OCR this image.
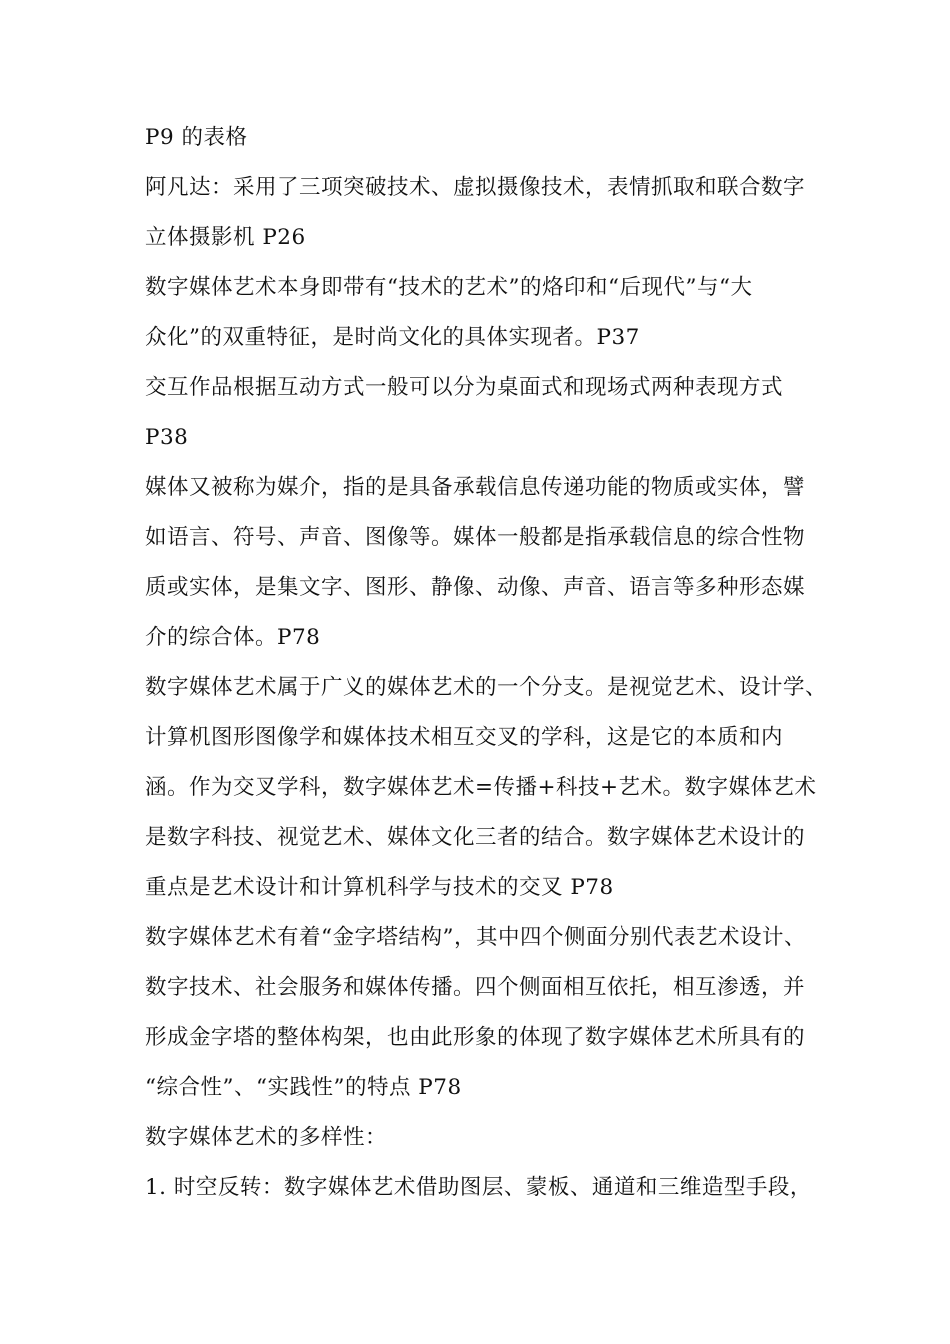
P9 的表格

阿凡达：采用了三项突破技术、虚拟摄像技术，表情抓取和联合数字
立体摄影机 P26

数字媒体艺术本身即带有“技术的艺术”的烙印和“后现代”与“大
众化”的双重特征，是时尚文化的具体实现者。P37

交互作品根据互动方式一般可以分为桌面式和现场式两种表现方式
P38

媒体又被称为媒介，指的是具备承载信息传递功能的物质或实体，譬
如语言、符号、声音、图像等。媒体一般都是指承载信息的综合性物
质或实体，是集文字、图形、静像、动像、声音、语言等多种形态媒
介的综合体。P78

数字媒体艺术属于广义的媒体艺术的一个分支。是视觉艺术、设计学、
计算机图形图像学和媒体技术相互交叉的学科，这是它的本质和内
涵。作为交叉学科，数字媒体艺术=传播+科技+艺术。数字媒体艺术
是数字科技、视觉艺术、媒体文化三者的结合。数字媒体艺术设计的
重点是艺术设计和计算机科学与技术的交叉 P78

数字媒体艺术有着“金字塔结构”，其中四个侧面分别代表艺术设计、
数字技术、社会服务和媒体传播。四个侧面相互依托，相互渗透，并
形成金字塔的整体构架，也由此形象的体现了数字媒体艺术所具有的
“综合性”、“实践性”的特点 P78

数字媒体艺术的多样性：

1. 时空反转：数字媒体艺术借助图层、蒙板、通道和三维造型手段，
